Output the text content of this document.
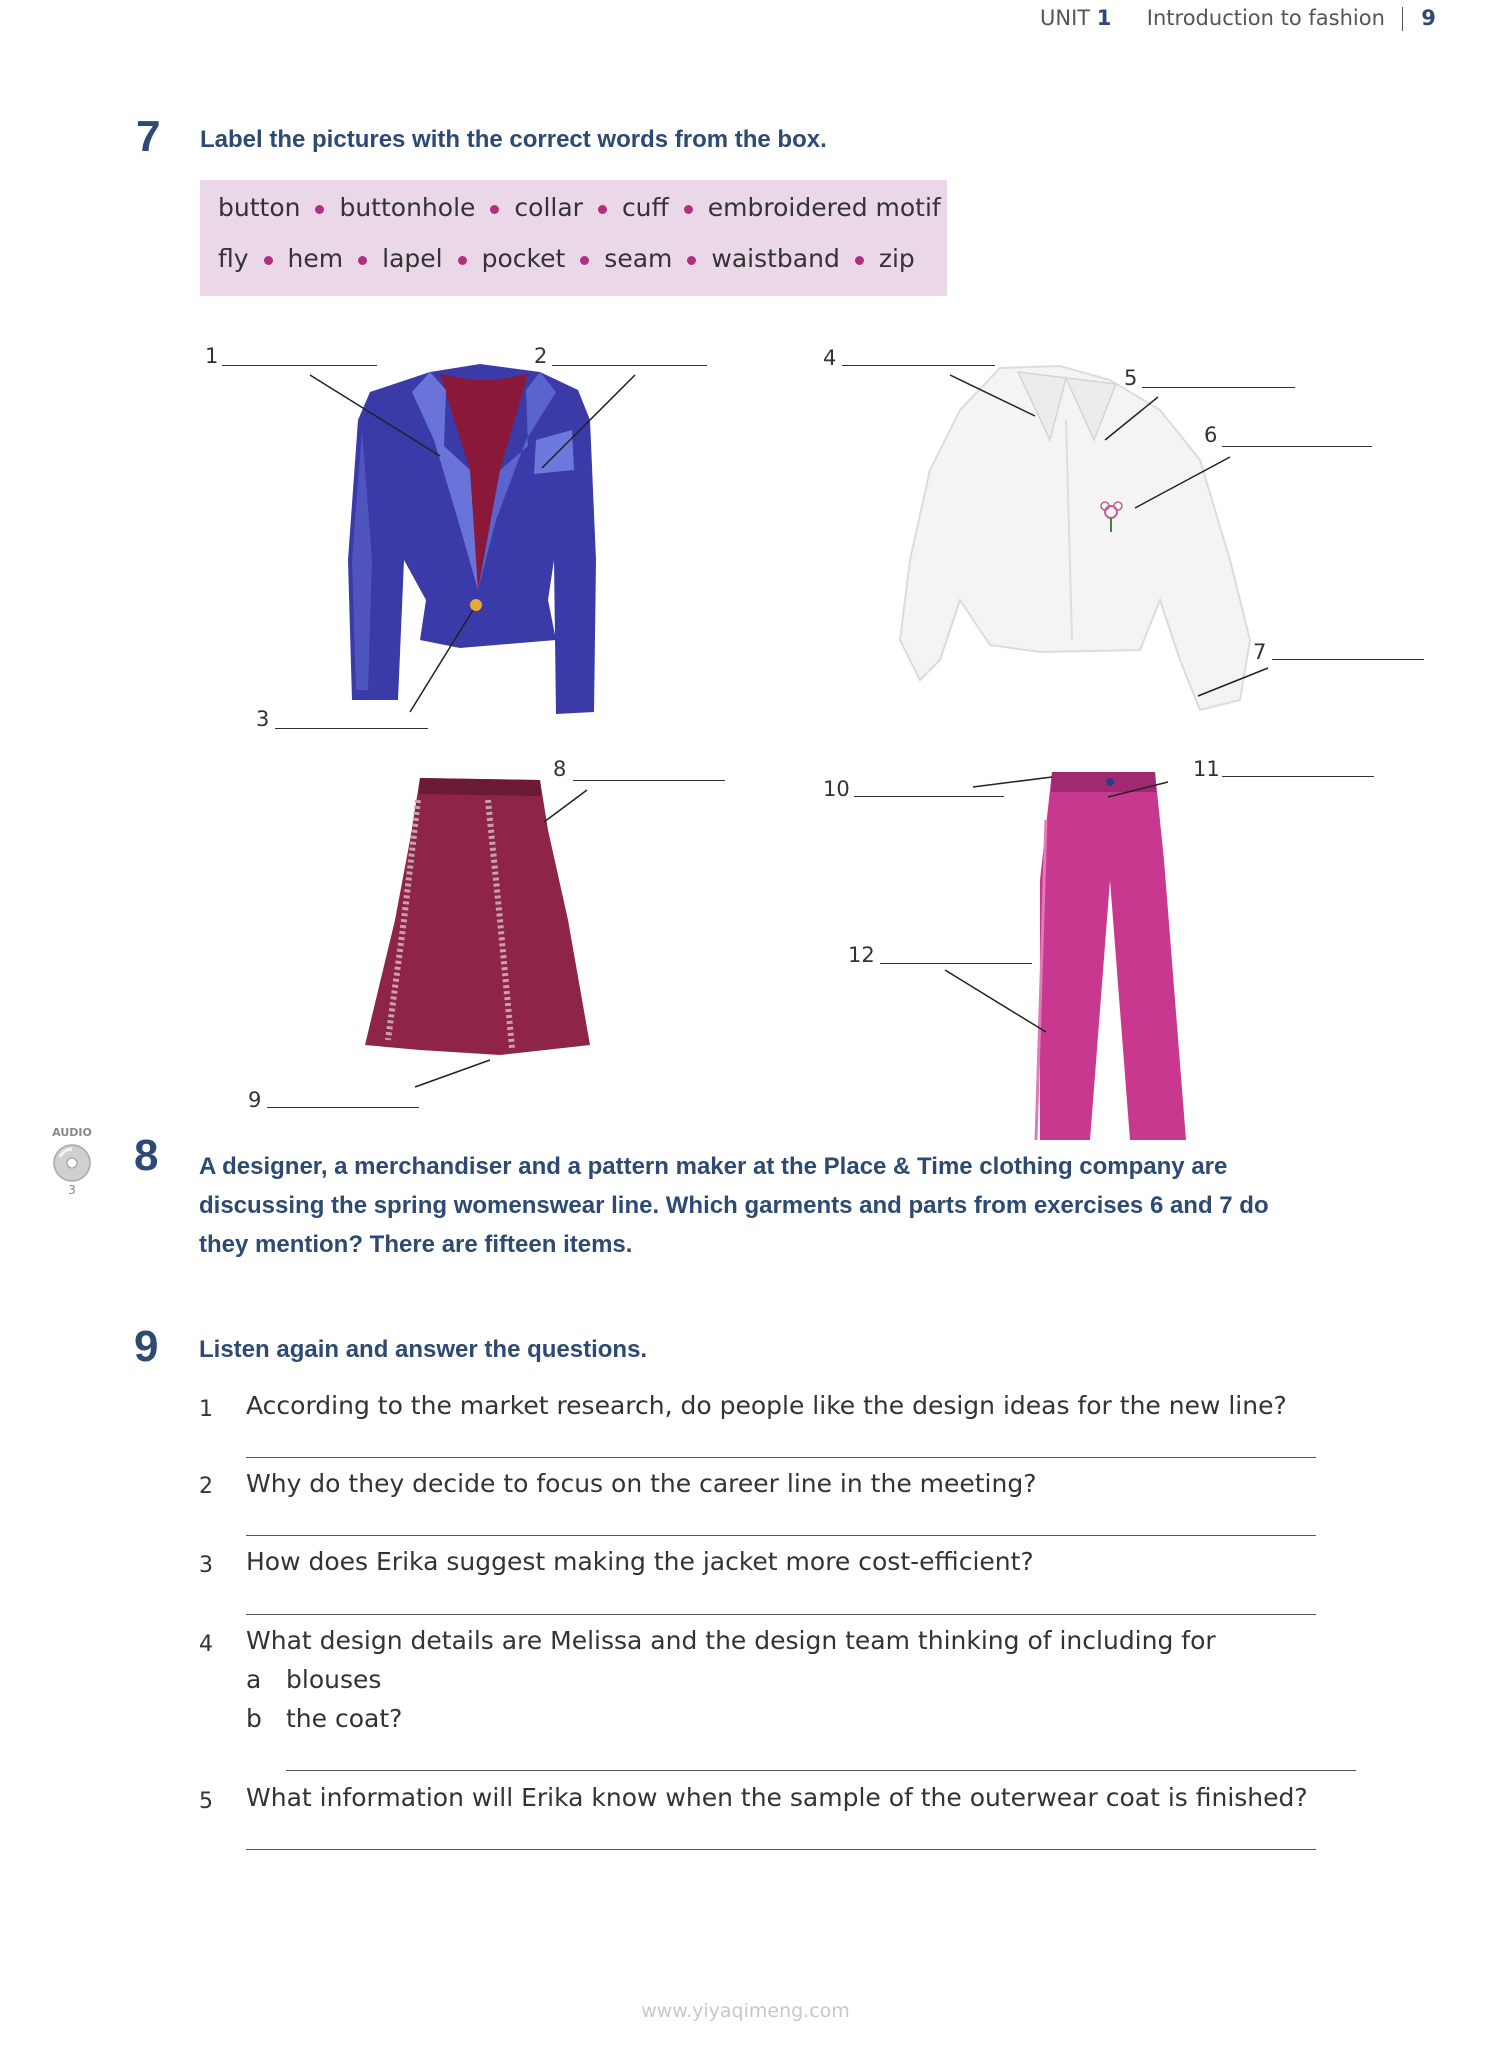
UNIT 1 Introduction to fashion 9
7 Label the pictures with the correct words from the box.
button buttonhole collar cuff embroidered motif
fly hem lapel pocket seam waistband zip
1	2
3
4
5
6
7
8
9
10
11
12
AUDIO
3
8 A designer, a merchandiser and a pattern maker at the Place & Time clothing company are
discussing the spring womenswear line. Which garments and parts from exercises 6 and 7 do
they mention? There are fifteen items.
9 Listen again and answer the questions.
1 According to the market research, do people like the design ideas for the new line?
2 Why do they decide to focus on the career line in the meeting?
3 How does Erika suggest making the jacket more cost-efficient?
4 What design details are Melissa and the design team thinking of including for
a blouses
b the coat?
5 What information will Erika know when the sample of the outerwear coat is finished?
www.yiyaqimeng.com
